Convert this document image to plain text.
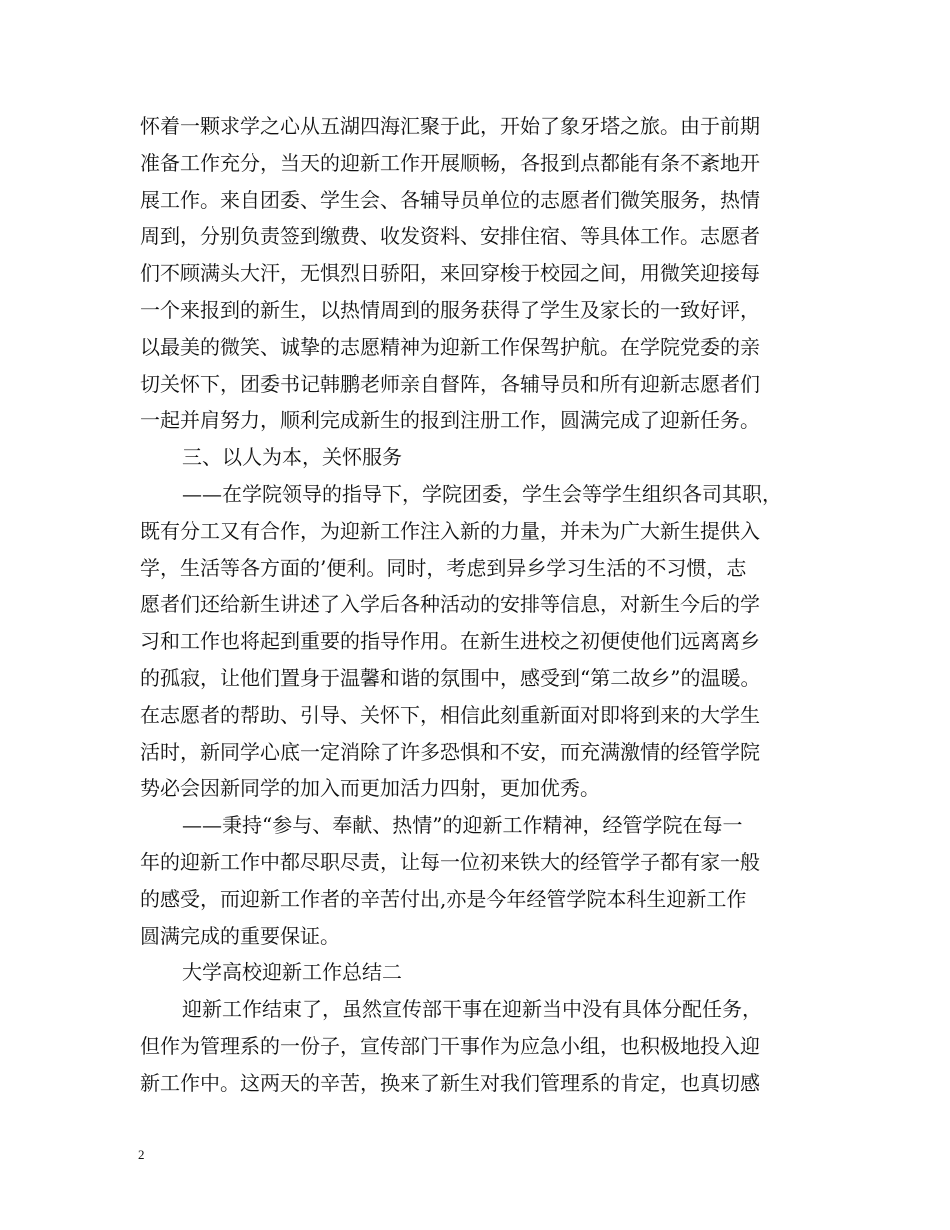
怀着一颗求学之心从五湖四海汇聚于此，开始了象牙塔之旅。由于前期
准备工作充分，当天的迎新工作开展顺畅，各报到点都能有条不紊地开
展工作。来自团委、学生会、各辅导员单位的志愿者们微笑服务，热情
周到，分别负责签到缴费、收发资料、安排住宿、等具体工作。志愿者
们不顾满头大汗，无惧烈日骄阳，来回穿梭于校园之间，用微笑迎接每
一个来报到的新生，以热情周到的服务获得了学生及家长的一致好评，
以最美的微笑、诚挚的志愿精神为迎新工作保驾护航。在学院党委的亲
切关怀下，团委书记韩鹏老师亲自督阵，各辅导员和所有迎新志愿者们
一起并肩努力，顺利完成新生的报到注册工作，圆满完成了迎新任务。
三、以人为本，关怀服务
——在学院领导的指导下，学院团委，学生会等学生组织各司其职，
既有分工又有合作，为迎新工作注入新的力量，并未为广大新生提供入
学，生活等各方面的’便利。同时，考虑到异乡学习生活的不习惯，志
愿者们还给新生讲述了入学后各种活动的安排等信息，对新生今后的学
习和工作也将起到重要的指导作用。在新生进校之初便使他们远离离乡
的孤寂，让他们置身于温馨和谐的氛围中，感受到“第二故乡”的温暖。
在志愿者的帮助、引导、关怀下，相信此刻重新面对即将到来的大学生
活时，新同学心底一定消除了许多恐惧和不安，而充满激情的经管学院
势必会因新同学的加入而更加活力四射，更加优秀。
——秉持“参与、奉献、热情”的迎新工作精神，经管学院在每一
年的迎新工作中都尽职尽责，让每一位初来铁大的经管学子都有家一般
的感受，而迎新工作者的辛苦付出,亦是今年经管学院本科生迎新工作
圆满完成的重要保证。
大学高校迎新工作总结二
迎新工作结束了，虽然宣传部干事在迎新当中没有具体分配任务，
但作为管理系的一份子，宣传部门干事作为应急小组，也积极地投入迎
新工作中。这两天的辛苦，换来了新生对我们管理系的肯定，也真切感
2
